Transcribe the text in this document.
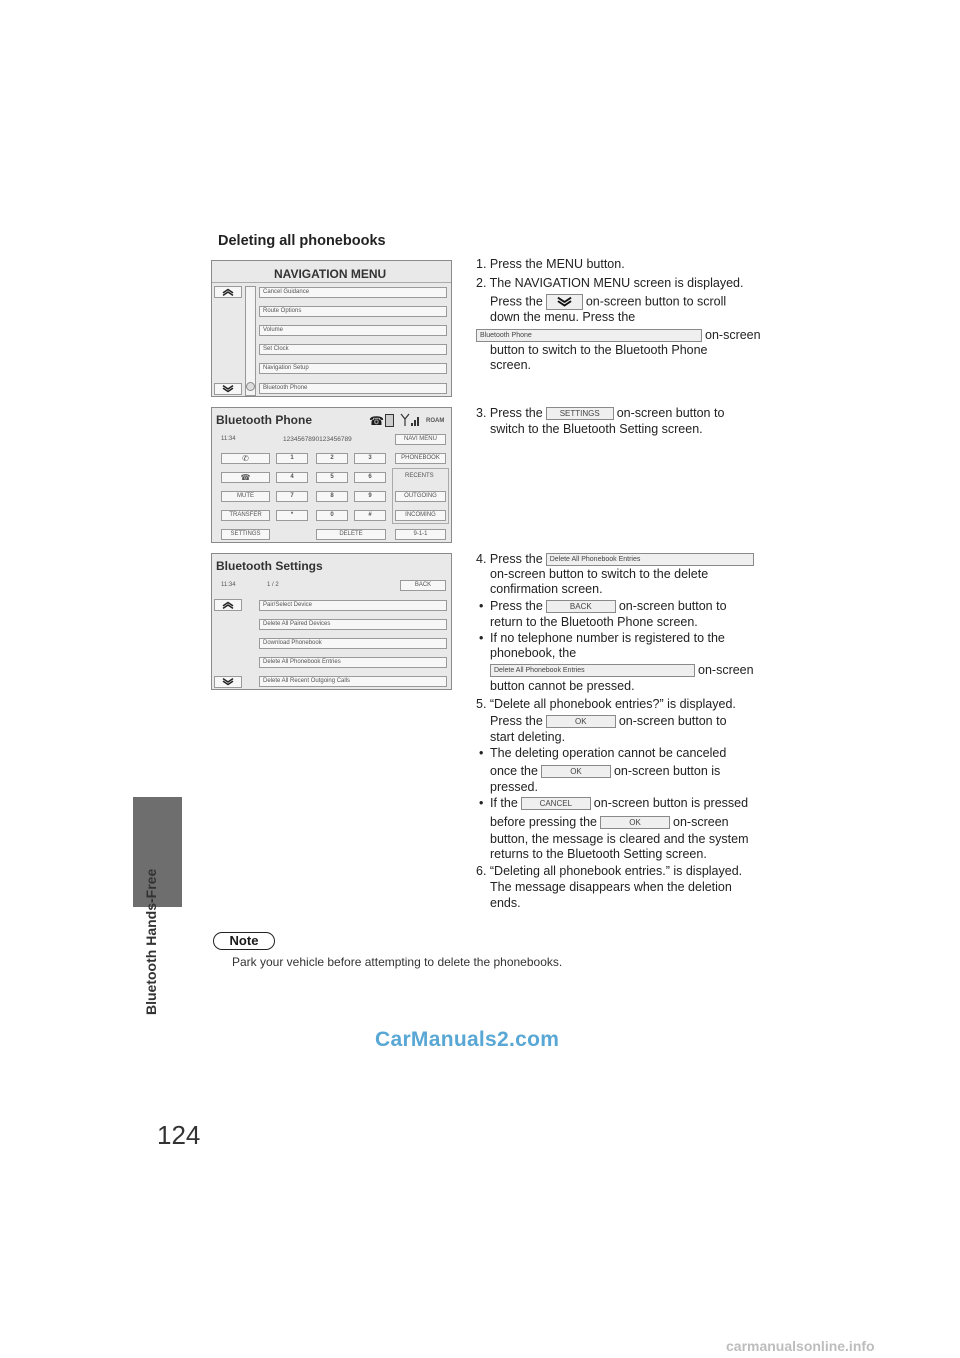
Bluetooth Hands-Free
124
Deleting all phonebooks
NAVIGATION MENU
Cancel Guidance
Route Options
Volume
Set Clock
Navigation Setup
Bluetooth Phone
Bluetooth Phone	☎	ROAM
11:34	1234567890123456789	NAVI MENU
✆
☎
MUTE
TRANSFER
SETTINGS
1	2	3
4	5	6
7	8	9
*	0	#
DELETE
PHONEBOOK
RECENTS
OUTGOING
INCOMING
9-1-1
Bluetooth Settings
11:34	1 / 2	BACK
Pair/Select Device
Delete All Paired Devices
Download Phonebook
Delete All Phonebook Entries
Delete All Recent Outgoing Calls
1. Press the MENU button.
2. The NAVIGATION MENU screen is displayed.
Press the	on-screen button to scroll
down the menu. Press the
Bluetooth Phone	on-screen
button to switch to the Bluetooth Phone
screen.
3. Press the SETTINGS on-screen button to
switch to the Bluetooth Setting screen.
4. Press the Delete All Phonebook Entries
on-screen button to switch to the delete
confirmation screen.
• Press the	BACK on-screen button to
return to the Bluetooth Phone screen.
• If no telephone number is registered to the
phonebook, the
Delete All Phonebook Entries	on-screen
button cannot be pressed.
5. “Delete all phonebook entries?” is displayed.
Press the	OK	on-screen button to
start deleting.
• The deleting operation cannot be canceled
once the	OK	on-screen button is
pressed.
• If the	CANCEL on-screen button is pressed
before pressing the	OK	on-screen
button, the message is cleared and the system
returns to the Bluetooth Setting screen.
6. “Deleting all phonebook entries.” is displayed.
The message disappears when the deletion
ends.
Note
Park your vehicle before attempting to delete the phonebooks.
CarManuals2.com
carmanualsonline.info
